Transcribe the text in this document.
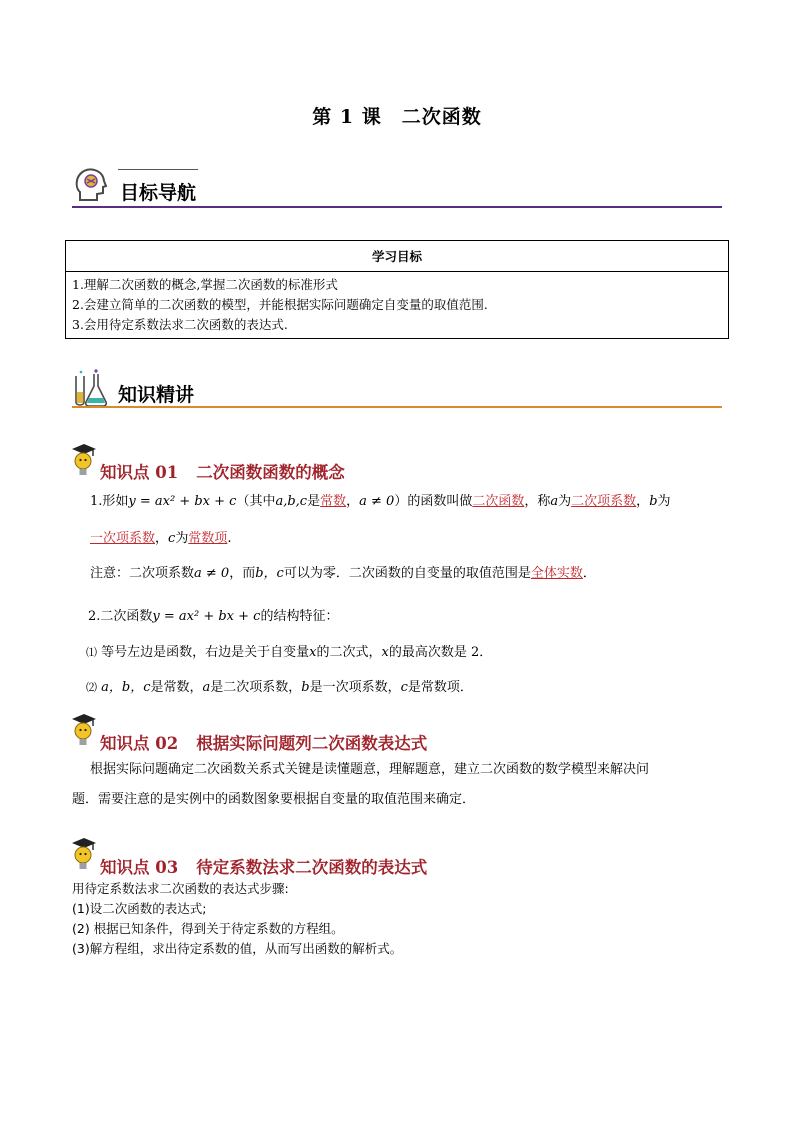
第 1 课　二次函数
目标导航
学习目标

1.理解二次函数的概念,掌握二次函数的标准形式
2.会建立简单的二次函数的模型，并能根据实际问题确定自变量的取值范围.
3.会用待定系数法求二次函数的表达式.
知识精讲
知识点 01 二次函数函数的概念
1.形如y = ax² + bx + c（其中a,b,c是常数，a ≠ 0）的函数叫做二次函数，称a为二次项系数，b为
一次项系数，c为常数项.
注意：二次项系数a ≠ 0，而b，c可以为零．二次函数的自变量的取值范围是全体实数．
2.二次函数y = ax² + bx + c的结构特征：
⑴ 等号左边是函数，右边是关于自变量x的二次式，x的最高次数是 2．
⑵ a，b，c是常数，a是二次项系数，b是一次项系数，c是常数项．
知识点 02 根据实际问题列二次函数表达式
根据实际问题确定二次函数关系式关键是读懂题意，理解题意，建立二次函数的数学模型来解决问
题．需要注意的是实例中的函数图象要根据自变量的取值范围来确定．
知识点 03 待定系数法求二次函数的表达式
用待定系数法求二次函数的表达式步骤:
(1)设二次函数的表达式;
(2) 根据已知条件，得到关于待定系数的方程组。
(3)解方程组，求出待定系数的值，从而写出函数的解析式。
